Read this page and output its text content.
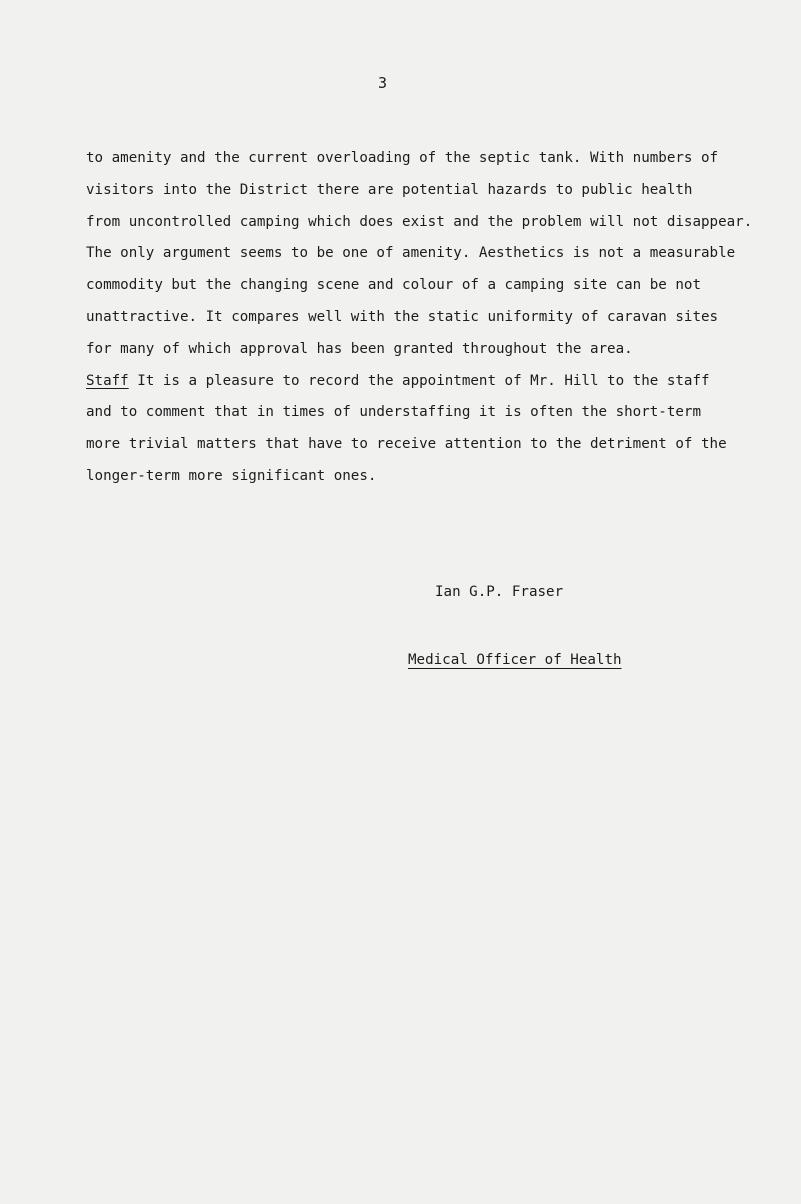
3
to amenity and the current overloading of the septic tank. With numbers of
visitors into the District there are potential hazards to public health
from uncontrolled camping which does exist and the problem will not disappear.
The only argument seems to be one of amenity. Aesthetics is not a measurable
commodity but the changing scene and colour of a camping site can be not
unattractive. It compares well with the static uniformity of caravan sites
for many of which approval has been granted throughout the area.
Staff It is a pleasure to record the appointment of Mr. Hill to the staff
and to comment that in times of understaffing it is often the short-term
more trivial matters that have to receive attention to the detriment of the
longer-term more significant ones.
Ian G.P. Fraser
Medical Officer of Health
